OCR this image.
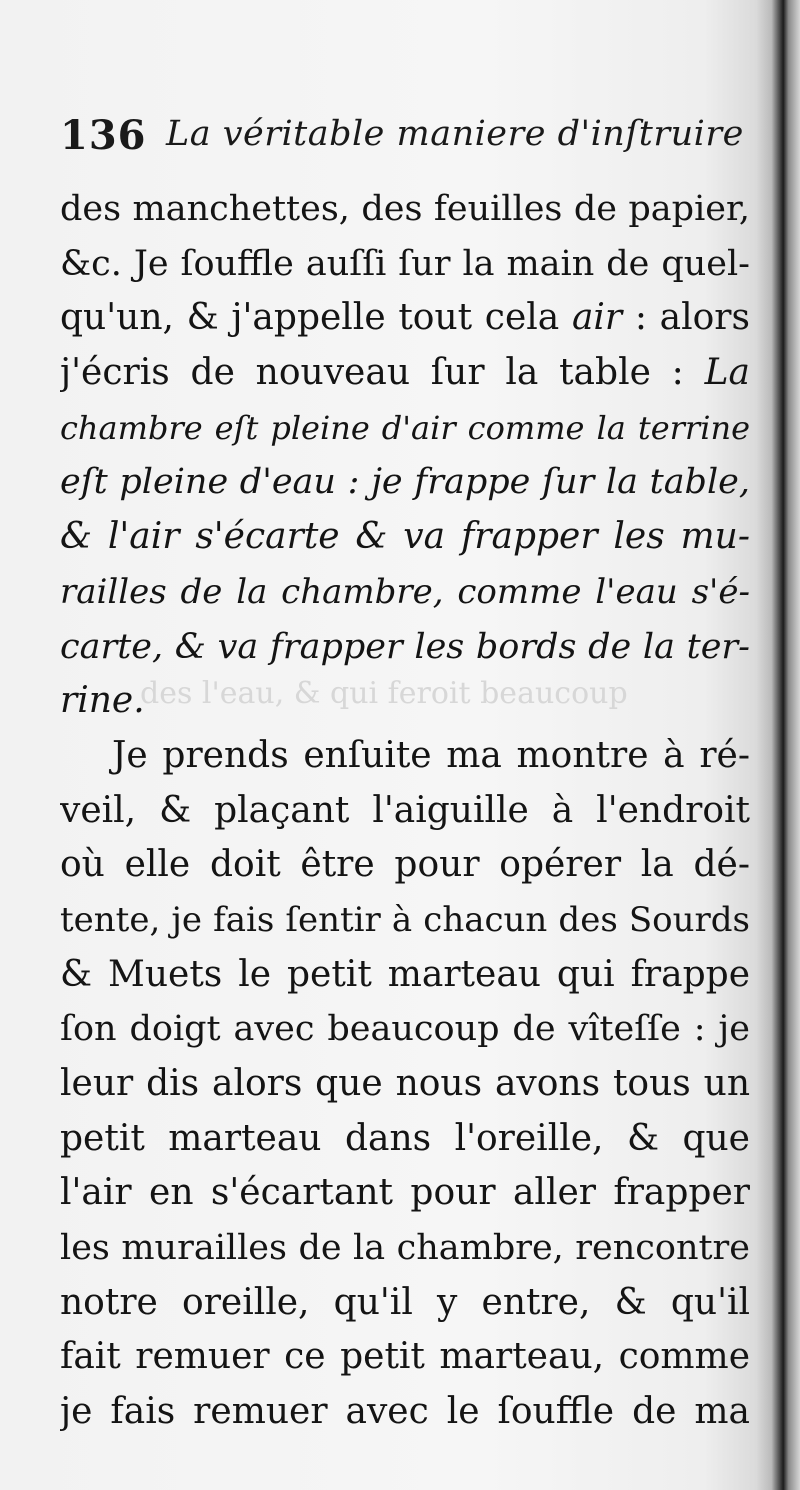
des l'eau, & qui feroit beaucoup
136 La véritable maniere d'inſtruire
des manchettes, des feuilles de papier,
&c. Je ſouffle auſſi ſur la main de quel-
qu'un, & j'appelle tout cela air : alors
j'écris de nouveau ſur la table : La
chambre eſt pleine d'air comme la terrine
eſt pleine d'eau : je frappe ſur la table,
& l'air s'écarte & va frapper les mu-
railles de la chambre, comme l'eau s'é-
carte, & va frapper les bords de la ter-
rine.
Je prends enſuite ma montre à ré-
veil, & plaçant l'aiguille à l'endroit
où elle doit être pour opérer la dé-
tente, je fais ſentir à chacun des Sourds
& Muets le petit marteau qui frappe
ſon doigt avec beaucoup de vîteſſe : je
leur dis alors que nous avons tous un
petit marteau dans l'oreille, & que
l'air en s'écartant pour aller frapper
les murailles de la chambre, rencontre
notre oreille, qu'il y entre, & qu'il
fait remuer ce petit marteau, comme
je fais remuer avec le ſouffle de ma
